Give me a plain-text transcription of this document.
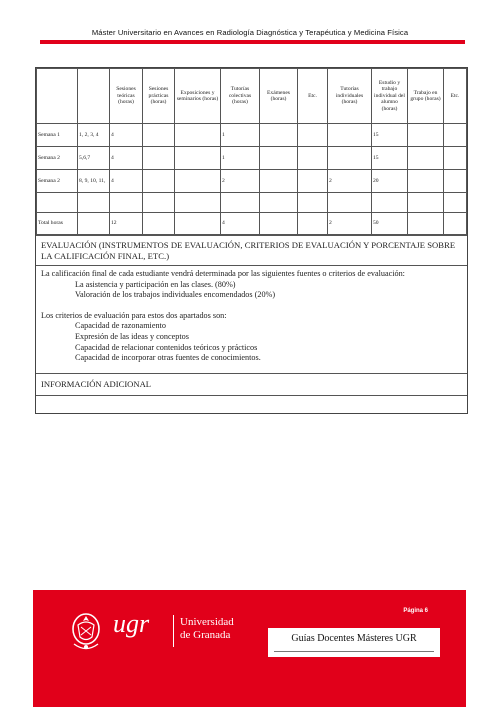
Máster Universitario en Avances en Radiología Diagnóstica y Terapéutica y Medicina Física
		Sesiones teóricas (horas)	Sesiones prácticas (horas)	Exposiciones y seminarios (horas)	Tutorías colectivas (horas)	Exámenes (horas)	Etc.	Tutorías individuales (horas)	Estudio y trabajo individual del alumno (horas)	Trabajo en grupo (horas)	Etc.
Semana 1	1, 2, 3, 4	4			1				15		
Semana 2	5,6,7	4			1				15		
Semana 2	8, 9, 10, 11,	4			2			2	20		

Total horas		12			4			2	50		
EVALUACIÓN (INSTRUMENTOS DE EVALUACIÓN, CRITERIOS DE EVALUACIÓN Y PORCENTAJE SOBRE LA CALIFICACIÓN FINAL, ETC.)
La calificación final de cada estudiante vendrá determinada por las siguientes fuentes o criterios de evaluación:
La asistencia y participación en las clases. (80%)
Valoración de los trabajos individuales encomendados (20%)
Los criterios de evaluación para estos dos apartados son:
Capacidad de razonamiento
Expresión de las ideas y conceptos
Capacidad de relacionar contenidos teóricos y prácticos
Capacidad de incorporar otras fuentes de conocimientos.
INFORMACIÓN ADICIONAL
Página 6
ugr	Universidad
de Granada	Guías Docentes Másteres UGR
